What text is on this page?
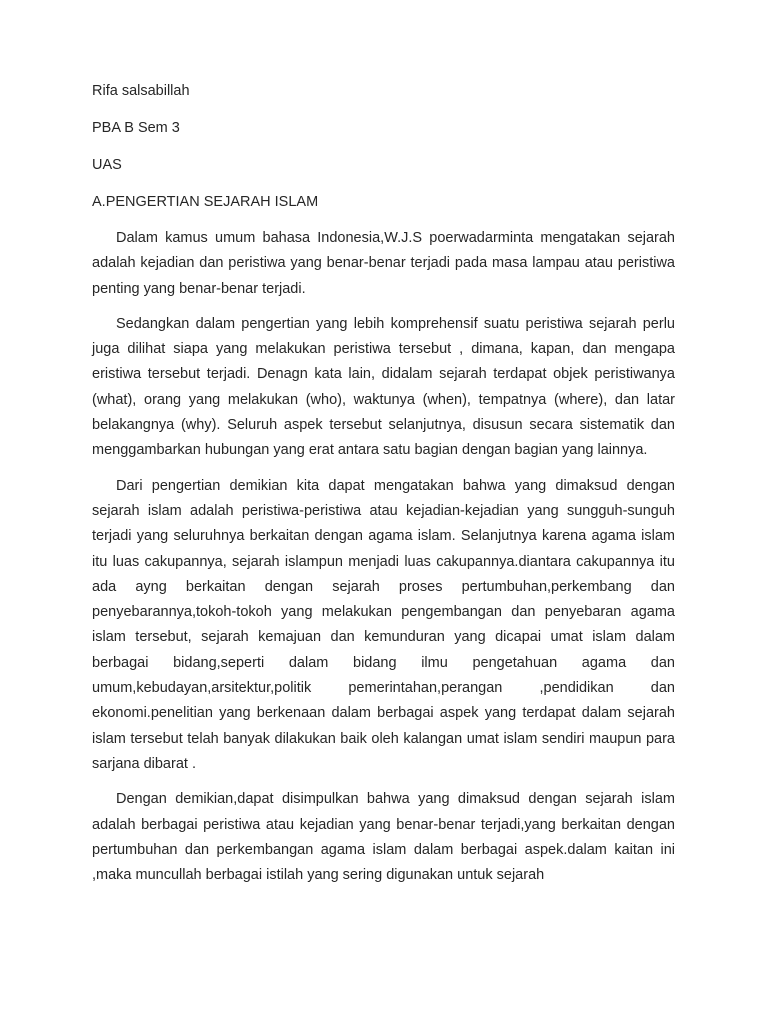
Rifa salsabillah

PBA B Sem 3

UAS

A.PENGERTIAN SEJARAH ISLAM

Dalam kamus umum bahasa Indonesia,W.J.S poerwadarminta mengatakan sejarah adalah kejadian dan peristiwa yang benar-benar terjadi pada masa lampau atau peristiwa penting yang benar-benar terjadi.

Sedangkan dalam pengertian yang lebih komprehensif suatu peristiwa sejarah perlu juga dilihat siapa yang melakukan peristiwa tersebut , dimana, kapan, dan mengapa eristiwa tersebut terjadi. Denagn kata lain, didalam sejarah terdapat objek peristiwanya (what), orang yang melakukan (who), waktunya (when), tempatnya (where), dan latar belakangnya (why). Seluruh aspek tersebut selanjutnya, disusun secara sistematik dan menggambarkan hubungan yang erat antara satu bagian dengan bagian yang lainnya.

Dari pengertian demikian kita dapat mengatakan bahwa yang dimaksud dengan sejarah islam adalah peristiwa-peristiwa atau kejadian-kejadian yang sungguh-sunguh terjadi yang seluruhnya berkaitan dengan agama islam. Selanjutnya karena agama islam itu luas cakupannya, sejarah islampun menjadi luas cakupannya.diantara cakupannya itu ada ayng berkaitan dengan sejarah proses pertumbuhan,perkembang dan penyebarannya,tokoh-tokoh yang melakukan pengembangan dan penyebaran agama islam tersebut, sejarah kemajuan dan kemunduran yang dicapai umat islam dalam berbagai bidang,seperti dalam bidang ilmu pengetahuan agama dan umum,kebudayan,arsitektur,politik pemerintahan,perangan ,pendidikan dan ekonomi.penelitian yang berkenaan dalam berbagai aspek yang terdapat dalam sejarah islam tersebut telah banyak dilakukan baik oleh kalangan umat islam sendiri maupun para sarjana dibarat .

Dengan demikian,dapat disimpulkan bahwa yang dimaksud dengan sejarah islam adalah berbagai peristiwa atau kejadian yang benar-benar terjadi,yang berkaitan dengan pertumbuhan dan perkembangan agama islam dalam berbagai aspek.dalam kaitan ini ,maka muncullah berbagai istilah yang sering digunakan untuk sejarah
